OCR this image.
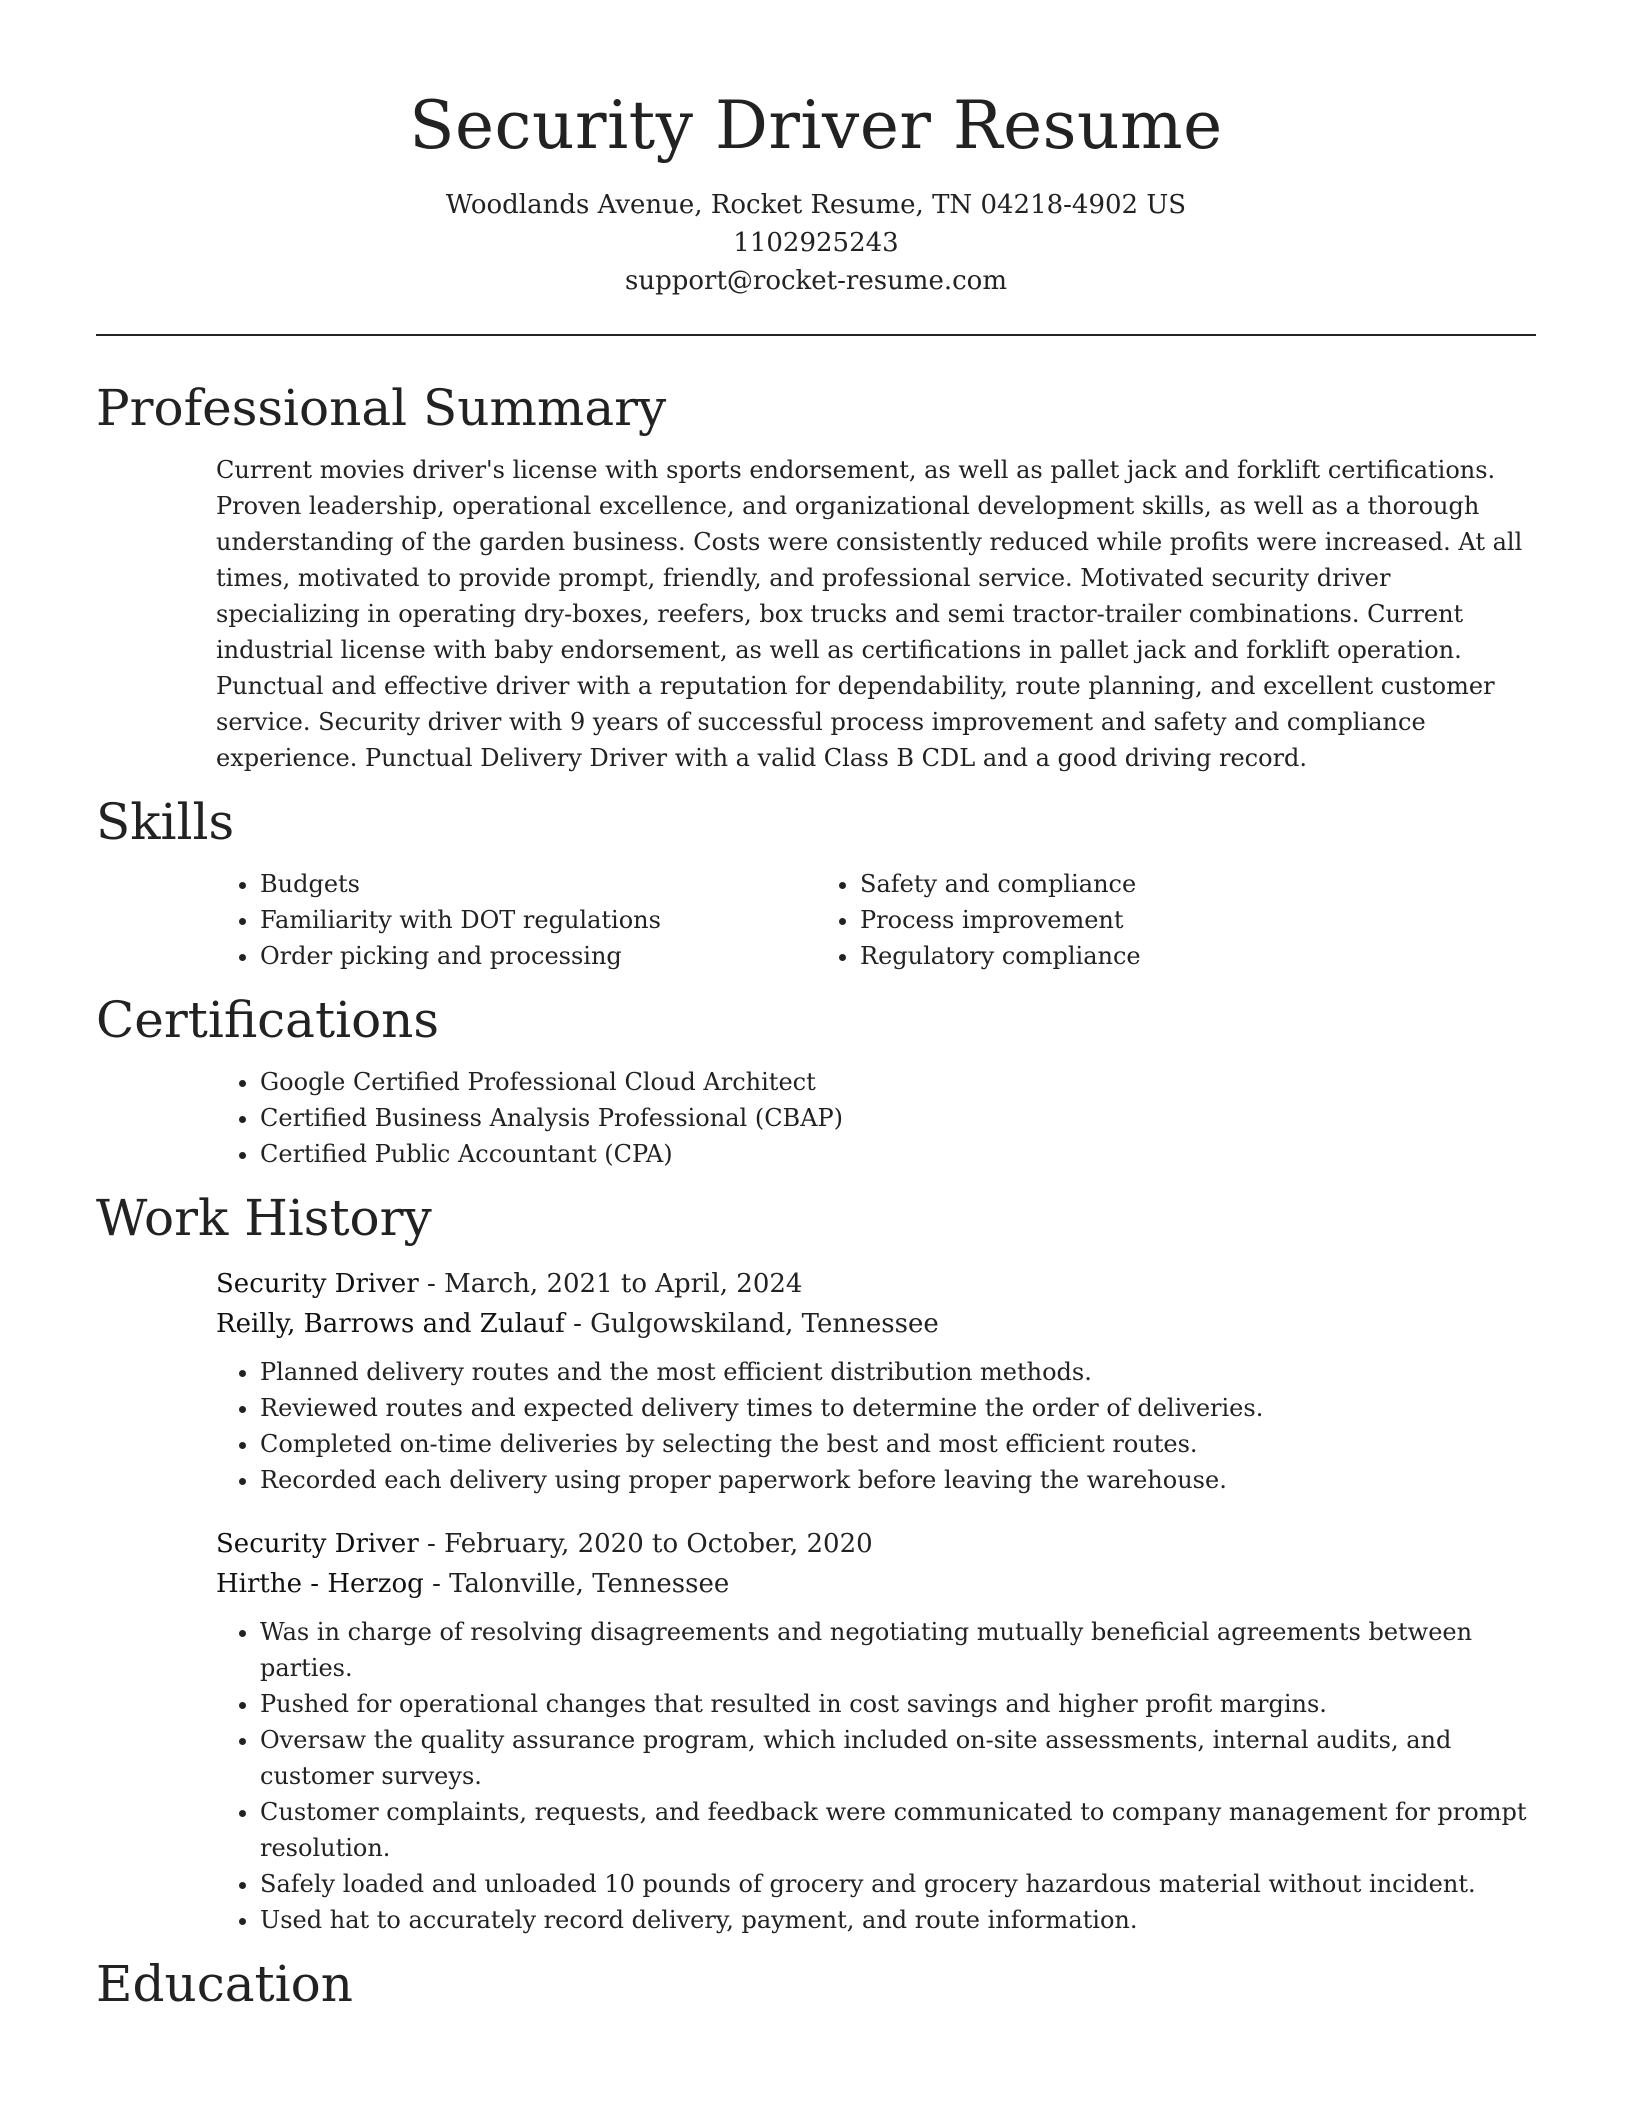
Security Driver Resume
Woodlands Avenue, Rocket Resume, TN 04218-4902 US
1102925243
support@rocket-resume.com
Professional Summary

Current movies driver's license with sports endorsement, as well as pallet jack and forklift certifications. Proven leadership, operational excellence, and organizational development skills, as well as a thorough understanding of the garden business. Costs were consistently reduced while profits were increased. At all times, motivated to provide prompt, friendly, and professional service. Motivated security driver specializing in operating dry-boxes, reefers, box trucks and semi tractor-trailer combinations. Current industrial license with baby endorsement, as well as certifications in pallet jack and forklift operation. Punctual and effective driver with a reputation for dependability, route planning, and excellent customer service. Security driver with 9 years of successful process improvement and safety and compliance experience. Punctual Delivery Driver with a valid Class B CDL and a good driving record.

Skills
• Budgets
• Familiarity with DOT regulations
• Order picking and processing
• Safety and compliance
• Process improvement
• Regulatory compliance
Certifications
• Google Certified Professional Cloud Architect
• Certified Business Analysis Professional (CBAP)
• Certified Public Accountant (CPA)
Work History
Security Driver - March, 2021 to April, 2024
Reilly, Barrows and Zulauf - Gulgowskiland, Tennessee
• Planned delivery routes and the most efficient distribution methods.
• Reviewed routes and expected delivery times to determine the order of deliveries.
• Completed on-time deliveries by selecting the best and most efficient routes.
• Recorded each delivery using proper paperwork before leaving the warehouse.
Security Driver - February, 2020 to October, 2020
Hirthe - Herzog - Talonville, Tennessee
• Was in charge of resolving disagreements and negotiating mutually beneficial agreements between parties.
• Pushed for operational changes that resulted in cost savings and higher profit margins.
• Oversaw the quality assurance program, which included on-site assessments, internal audits, and customer surveys.
• Customer complaints, requests, and feedback were communicated to company management for prompt resolution.
• Safely loaded and unloaded 10 pounds of grocery and grocery hazardous material without incident.
• Used hat to accurately record delivery, payment, and route information.
Education
